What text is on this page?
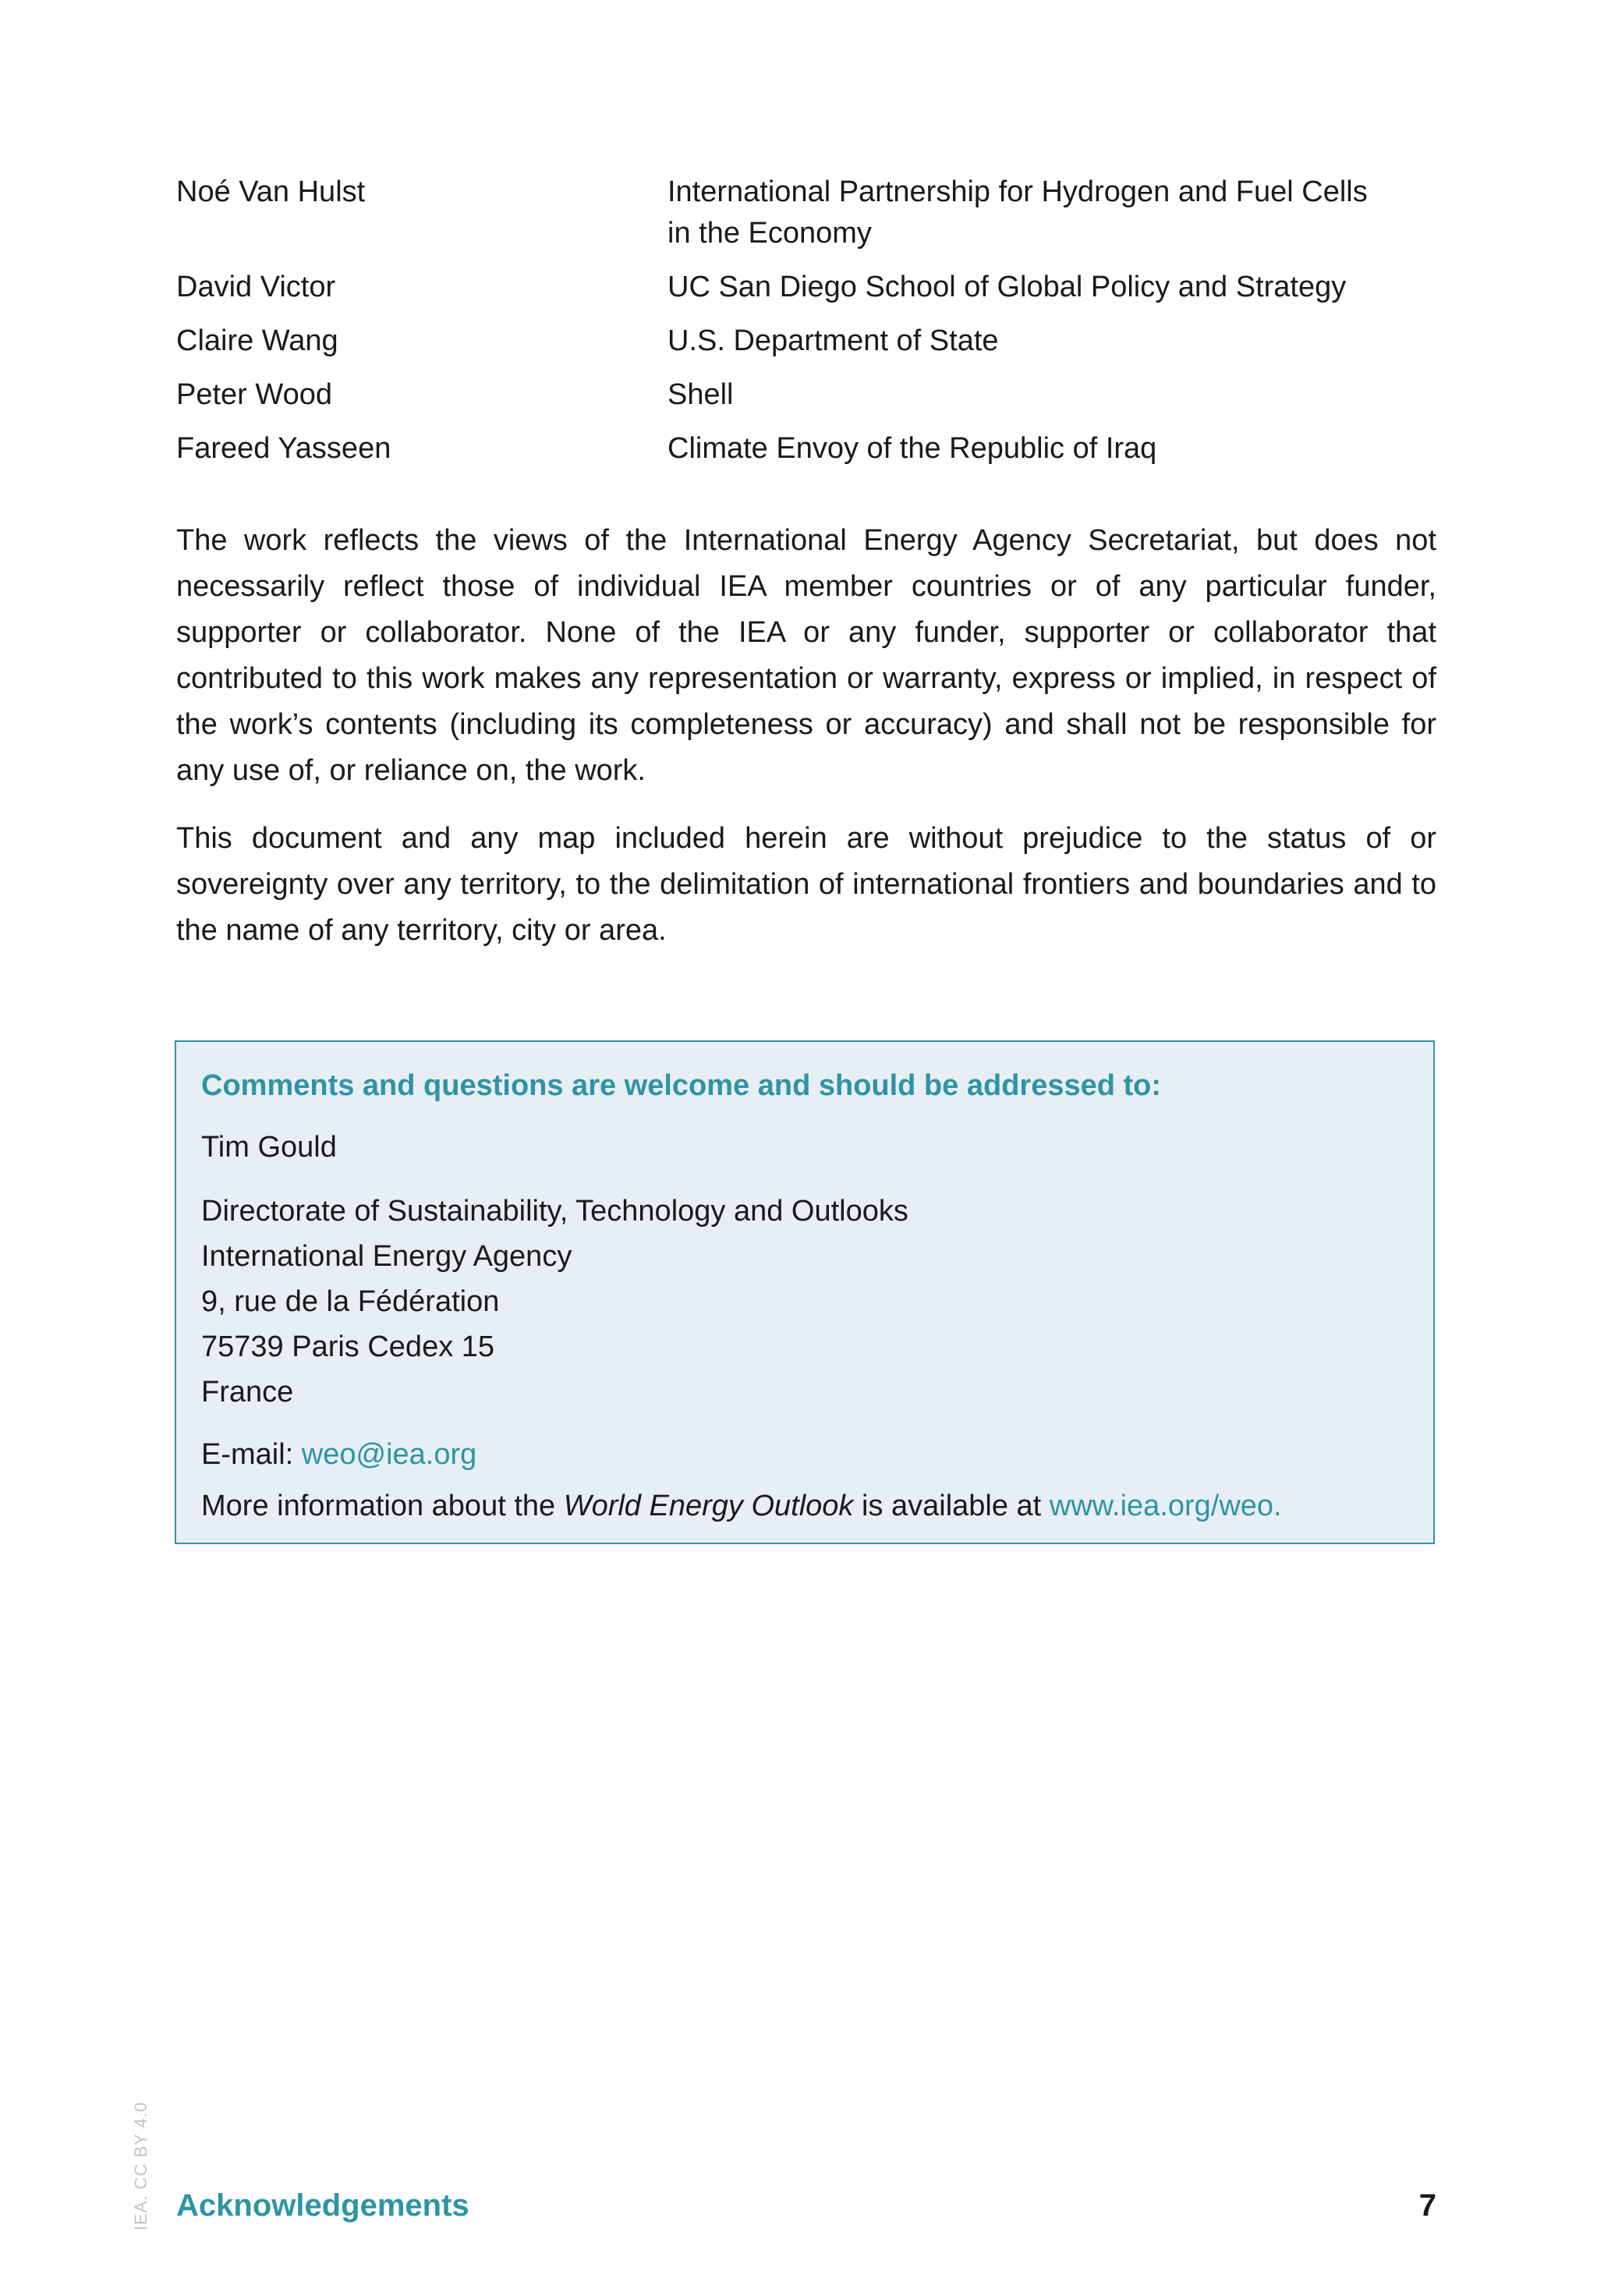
Noé Van Hulst	International Partnership for Hydrogen and Fuel Cells
in the Economy
David Victor	UC San Diego School of Global Policy and Strategy
Claire Wang	U.S. Department of State
Peter Wood	Shell
Fareed Yasseen	Climate Envoy of the Republic of Iraq

The work reflects the views of the International Energy Agency Secretariat, but does not necessarily reflect those of individual IEA member countries or of any particular funder, supporter or collaborator. None of the IEA or any funder, supporter or collaborator that contributed to this work makes any representation or warranty, express or implied, in respect of the work’s contents (including its completeness or accuracy) and shall not be responsible for any use of, or reliance on, the work.

This document and any map included herein are without prejudice to the status of or sovereignty over any territory, to the delimitation of international frontiers and boundaries and to the name of any territory, city or area.

Comments and questions are welcome and should be addressed to:
Tim Gould
Directorate of Sustainability, Technology and Outlooks
International Energy Agency
9, rue de la Fédération
75739 Paris Cedex 15
France
E-mail: weo@iea.org
More information about the World Energy Outlook is available at www.iea.org/weo.
IEA. CC BY 4.0 Acknowledgements	7
